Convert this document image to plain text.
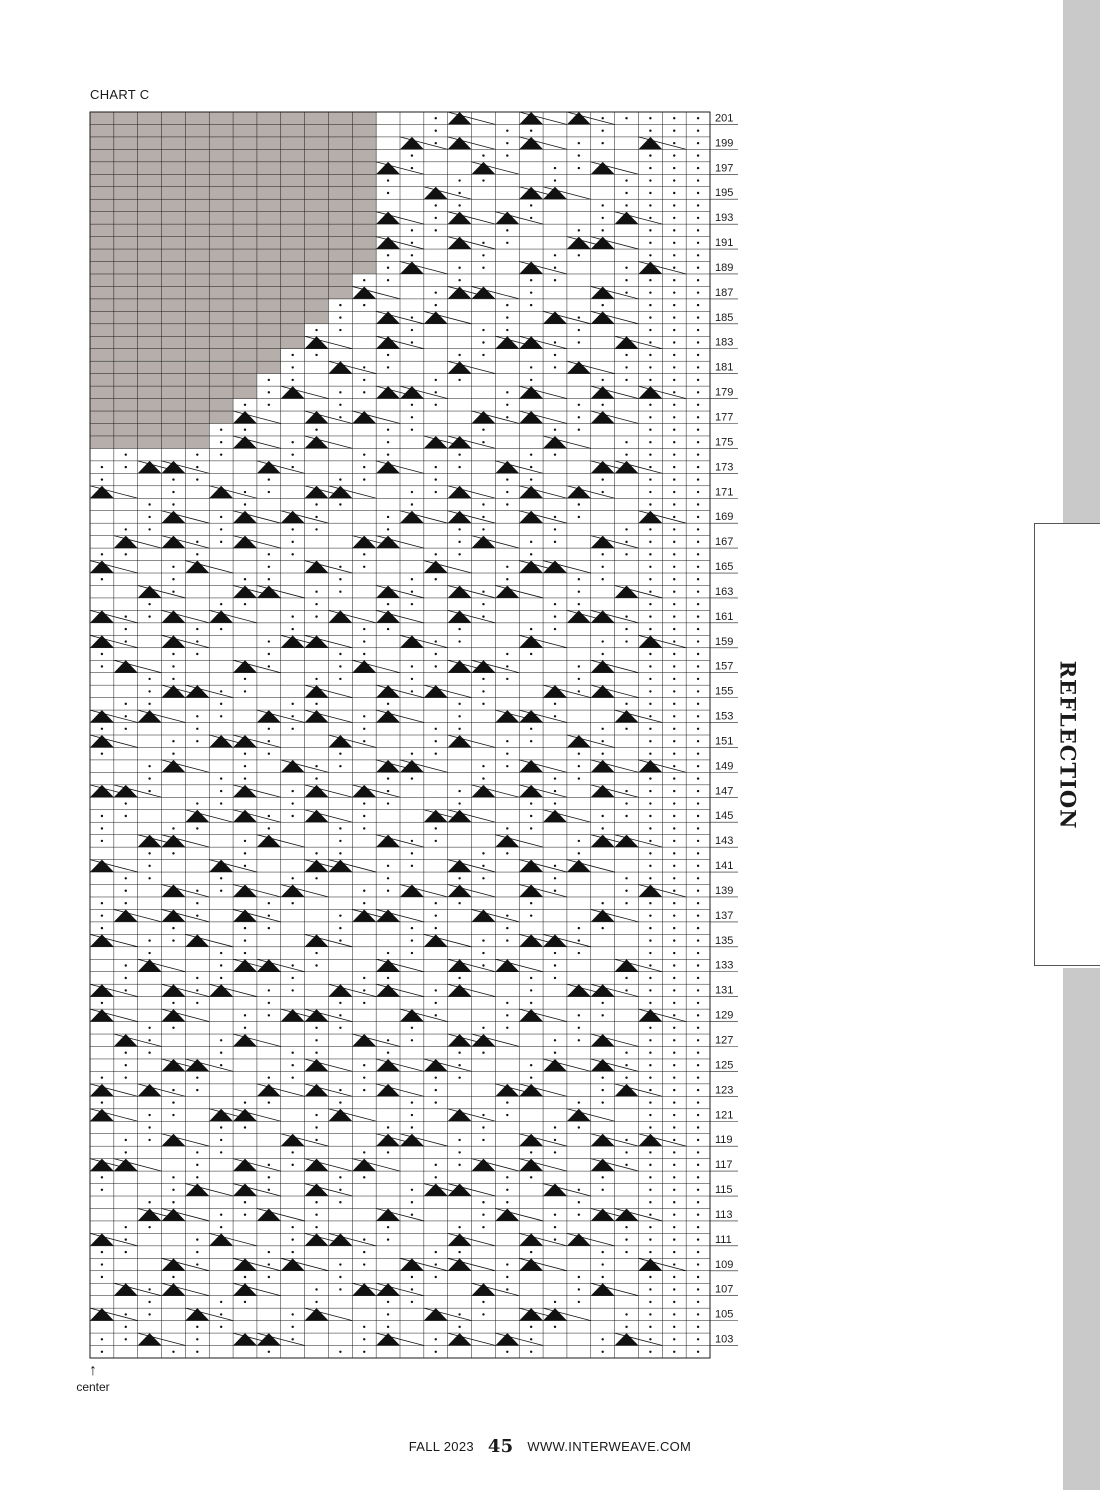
CHART C
201
199
197
195
193
191
189
187
185
183
181
179
177
175
173
171
169
167
165
163
161
159
157
155
153
151
149
147
145
143
141
139
137
135
133
131
129
127
125
123
121
119
117
115
113
111
109
107
105
103
↑
center
FALL 2023 45 WWW.INTERWEAVE.COM
REFLECTION
